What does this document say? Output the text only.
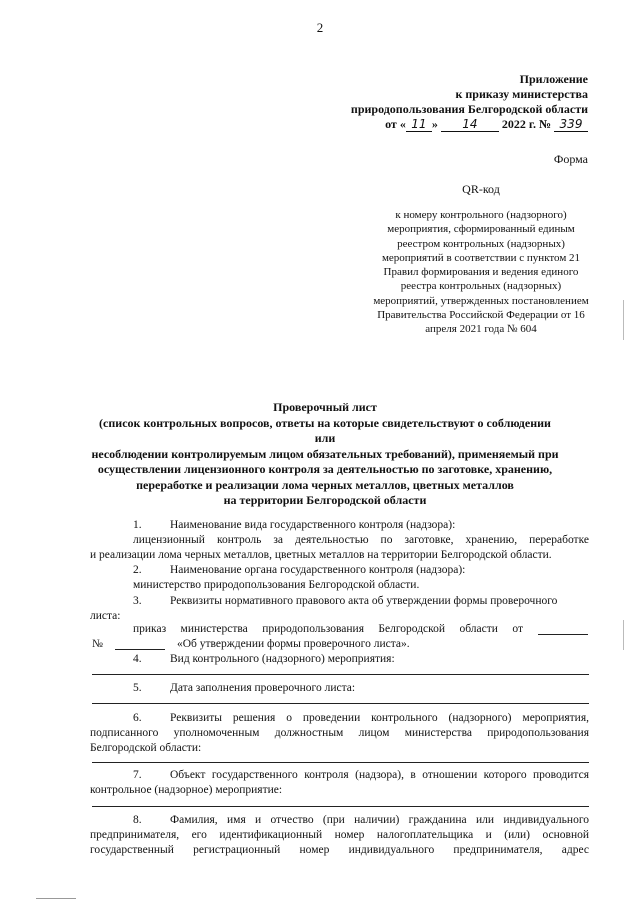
2
Приложение
к приказу министерства
природопользования Белгородской области
от « 11 » 14 2022 г. № 339
Форма
QR-код
к номеру контрольного (надзорного) мероприятия, сформированный единым реестром контрольных (надзорных) мероприятий в соответствии с пунктом 21 Правил формирования и ведения единого реестра контрольных (надзорных) мероприятий, утвержденных постановлением Правительства Российской Федерации от 16 апреля 2021 года № 604
Проверочный лист
(список контрольных вопросов, ответы на которые свидетельствуют о соблюдении или
несоблюдении контролируемым лицом обязательных требований), применяемый при
осуществлении лицензионного контроля за деятельностью по заготовке, хранению,
переработке и реализации лома черных металлов, цветных металлов
на территории Белгородской области
1. Наименование вида государственного контроля (надзора):
лицензионный контроль за деятельностью по заготовке, хранению, переработке
и реализации лома черных металлов, цветных металлов на территории Белгородской области.
2. Наименование органа государственного контроля (надзора):
министерство природопользования Белгородской области.
3. Реквизиты нормативного правового акта об утверждении формы проверочного
листа:
приказ министерства природопользования Белгородской области от
№	«Об утверждении формы проверочного листа».
4. Вид контрольного (надзорного) мероприятия:
5. Дата заполнения проверочного листа:
6. Реквизиты решения о проведении контрольного (надзорного) мероприятия,
подписанного уполномоченным должностным лицом министерства природопользования
Белгородской области:
7. Объект государственного контроля (надзора), в отношении которого проводится
контрольное (надзорное) мероприятие:
8. Фамилия, имя и отчество (при наличии) гражданина или индивидуального
предпринимателя, его идентификационный номер налогоплательщика и (или) основной
государственный регистрационный номер индивидуального предпринимателя, адрес
